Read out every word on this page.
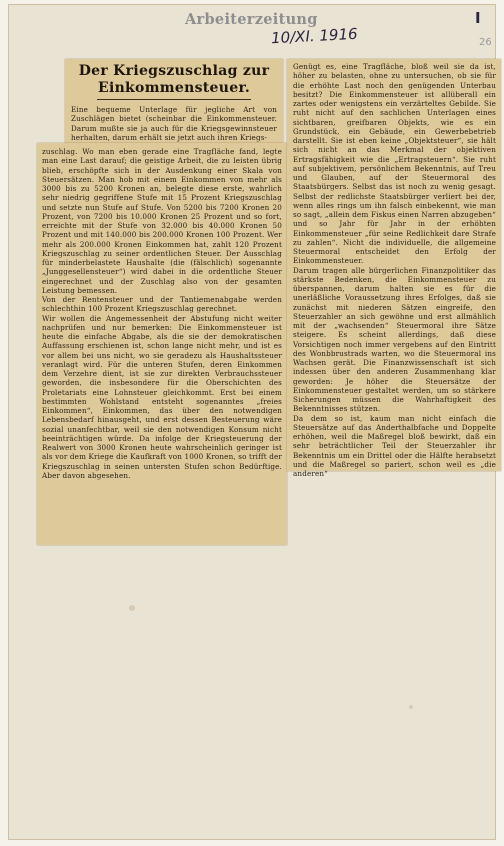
Arbeiterzeitung
10/XI. 1916
I
26
Der Kriegszuschlag zur
Einkommensteuer.

Eine bequeme Unterlage für jegliche Art von Zuschlägen bietet (scheinbar die Einkommensteuer. Darum mußte sie ja auch für die Kriegsgewinnsteuer herhalten, darum erhält sie jetzt auch ihren Kriegs-

zuschlag. Wo man eben gerade eine Tragfläche fand, legte man eine Last darauf; die geistige Arbeit, die zu leisten übrig blieb, erschöpfte sich in der Ausdenkung einer Skala von Steuersätzen. Man hob mit einem Einkommen von mehr als 3000 bis zu 5200 Kronen an, belegte diese erste, wahrlich sehr niedrig gegriffene Stufe mit 15 Prozent Kriegszuschlag und setzte nun Stufe auf Stufe. Von 5200 bis 7200 Kronen 20 Prozent, von 7200 bis 10.000 Kronen 25 Prozent und so fort, erreichte mit der Stufe von 32.000 bis 40.000 Kronen 50 Prozent und mit 140.000 bis 200.000 Kronen 100 Prozent. Wer mehr als 200.000 Kronen Einkommen hat, zahlt 120 Prozent Kriegszuschlag zu seiner ordentlichen Steuer. Der Ausschlag für minderbelastete Haushalte (die (fälschlich) sogenannte „Junggesellensteuer“) wird dabei in die ordentliche Steuer eingerechnet und der Zuschlag also von der gesamten Leistung bemessen.
Von der Rentensteuer und der Tantiemenabgabe werden schlechthin 100 Prozent Kriegszuschlag gerechnet.
Wir wollen die Angemessenheit der Abstufung nicht weiter nachprüfen und nur bemerken: Die Einkommensteuer ist heute die einfache Abgabe, als die sie der demokratischen Auffassung erschienen ist, schon lange nicht mehr, und ist es vor allem bei uns nicht, wo sie geradezu als Haushaltssteuer veranlagt wird. Für die unteren Stufen, deren Einkommen dem Verzehre dient, ist sie zur direkten Verbrauchssteuer geworden, die insbesondere für die Oberschichten des Proletariats eine Lohnsteuer gleichkommt. Erst bei einem bestimmten Wohlstand entsteht sogenanntes „freies Einkommen“, Einkommen, das über den notwendigen Lebensbedarf hinausgeht, und erst dessen Besteuerung wäre sozial unanfechtbar, weil sie den notwendigen Konsum nicht beeinträchtigen würde. Da infolge der Kriegsteuerung der Realwert von 3000 Kronen heute wahrscheinlich geringer ist als vor dem Kriege die Kaufkraft von 1000 Kronen, so trifft der Kriegszuschlag in seinen untersten Stufen schon Bedürftige. Aber davon abgesehen.

Genügt es, eine Tragfläche, bloß weil sie da ist, höher zu belasten, ohne zu untersuchen, ob sie für die erhöhte Last noch den genügenden Unterbau besitzt? Die Einkommensteuer ist allüberall ein zartes oder wenigstens ein verzärteltes Gebilde. Sie ruht nicht auf den sachlichen Unterlagen eines sichtbaren, greifbaren Objekts, wie es ein Grundstück, ein Gebäude, ein Gewerbebetrieb darstellt. Sie ist eben keine „Objektsteuer“, sie hält sich nicht an das Merkmal der objektiven Ertragsfähigkeit wie die „Ertragsteuern“. Sie ruht auf subjektivem, persönlichem Bekenntnis, auf Treu und Glauben, auf der Steuermoral des Staatsbürgers. Selbst das ist noch zu wenig gesagt. Selbst der redlichste Staatsbürger verliert bei der, wenn alles rings um ihn falsch einbekennt, wie man so sagt, „allein dem Fiskus einen Narren abzugeben“ und so Jahr für Jahr in der erhöhten Einkommensteuer „für seine Redlichkeit dare Strafe zu zahlen“. Nicht die individuelle, die allgemeine Steuermoral entscheidet den Erfolg der Einkommensteuer.
Darum tragen alle bürgerlichen Finanzpolitiker das stärkste Bedenken, die Einkommensteuer zu überspannen, darum halten sie es für die unerläßliche Voraussetzung ihres Erfolges, daß sie zunächst mit niederen Sätzen eingreife, den Steuerzahler an sich gewöhne und erst allmählich mit der „wachsenden“ Steuermoral ihre Sätze steigere. Es scheint allerdings, daß diese Vorsichtigen noch immer vergebens auf den Eintritt des Wonbbrustrads warten, wo die Steuermoral ins Wachsen gerät. Die Finanzwissenschaft ist sich indessen über den anderen Zusammenhang klar geworden: Je höher die Steuersätze der Einkommensteuer gestaltet werden, um so stärkere Sicherungen müssen die Wahrhaftigkeit des Bekenntnisses stützen.
Da dem so ist, kaum man nicht einfach die Steuersätze auf das Anderthalbfache und Doppelte erhöhen, weil die Maßregel bloß bewirkt, daß ein sehr beträchtlicher Teil der Steuerzahler ihr Bekenntnis um ein Drittel oder die Hälfte herabsetzt und die Maßregel so pariert, schon weil es „die anderen“
